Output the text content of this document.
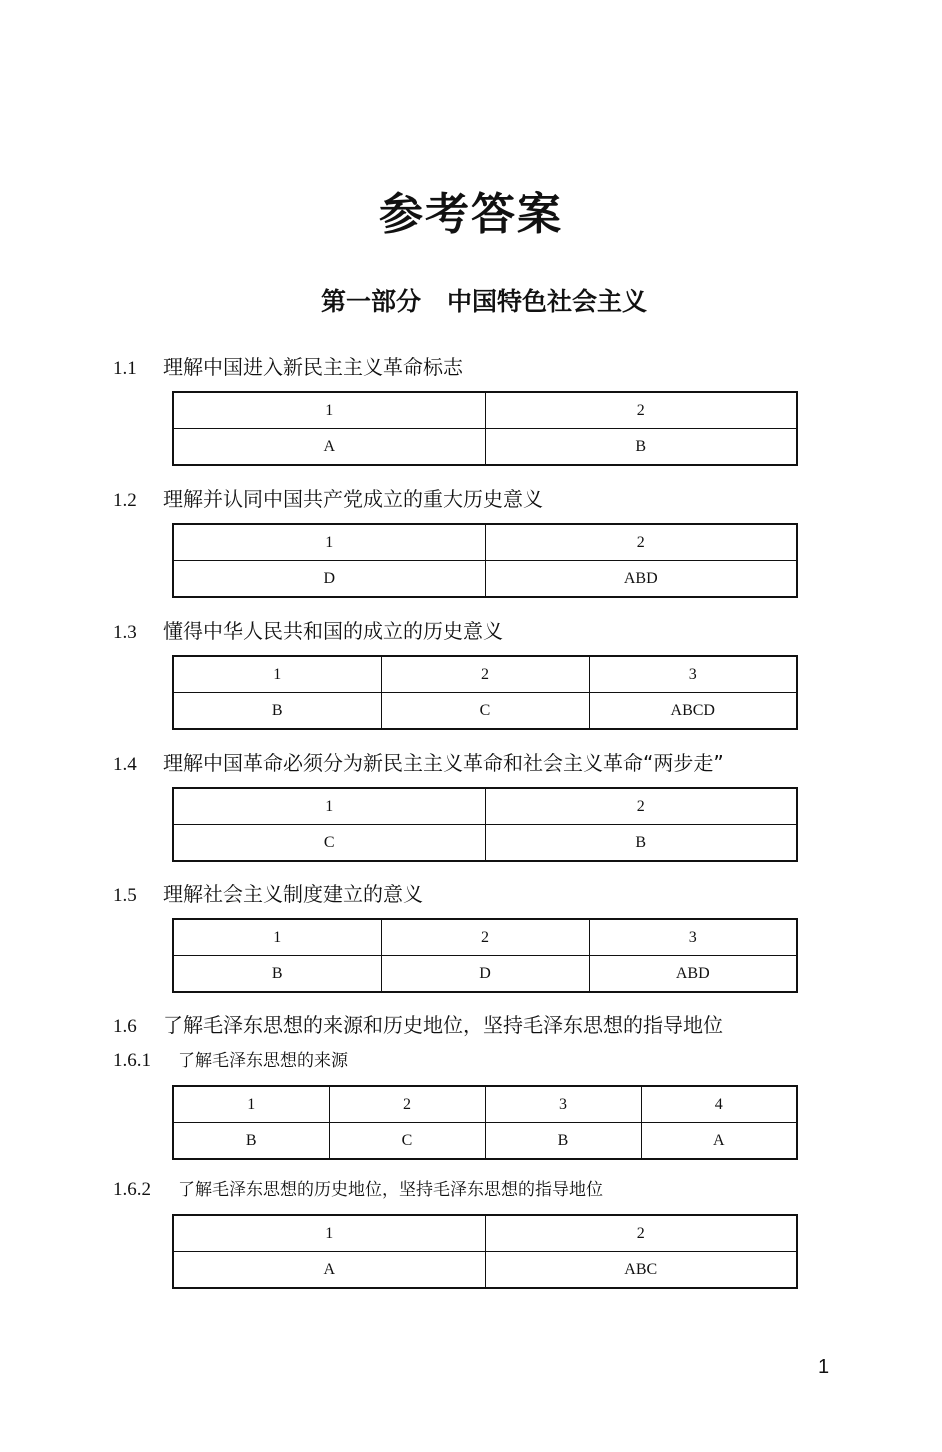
参考答案
第一部分 中国特色社会主义
1.1 理解中国进入新民主主义革命标志
1	2
A	B
1.2 理解并认同中国共产党成立的重大历史意义
1	2
D	ABD
1.3 懂得中华人民共和国的成立的历史意义
1	2	3
B	C	ABCD
1.4 理解中国革命必须分为新民主主义革命和社会主义革命“两步走”
1	2
C	B
1.5 理解社会主义制度建立的意义
1	2	3
B	D	ABD
1.6 了解毛泽东思想的来源和历史地位，坚持毛泽东思想的指导地位
1.6.1 了解毛泽东思想的来源
1	2	3	4
B	C	B	A
1.6.2 了解毛泽东思想的历史地位，坚持毛泽东思想的指导地位
1	2
A	ABC
1
